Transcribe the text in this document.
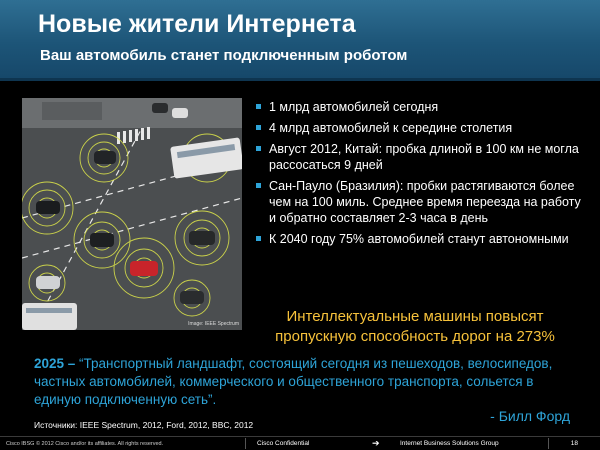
Новые жители Интернета
Ваш автомобиль станет подключенным роботом
Image: IEEE Spectrum
1 млрд автомобилей сегодня
4 млрд автомобилей к середине столетия
Август 2012, Китай: пробка длиной в 100 км не могла рассосаться 9 дней
Сан-Пауло (Бразилия): пробки растягиваются более чем на 100 миль. Среднее время переезда на работу и обратно составляет 2-3 часа в день
К 2040 году 75% автомобилей станут автономными
Интеллектуальные машины повысят
пропускную способность дорог на 273%
2025 – “Транспортный ландшафт, состоящий сегодня из пешеходов, велосипедов, частных автомобилей, коммерческого и общественного транспорта, сольется в единую подключенную сеть”.
- Билл Форд
Источники: IEEE Spectrum, 2012, Ford, 2012, BBC, 2012
Cisco IBSG © 2012 Cisco and/or its affiliates. All rights reserved.	Cisco Confidential	➔	Internet Business Solutions Group	18
